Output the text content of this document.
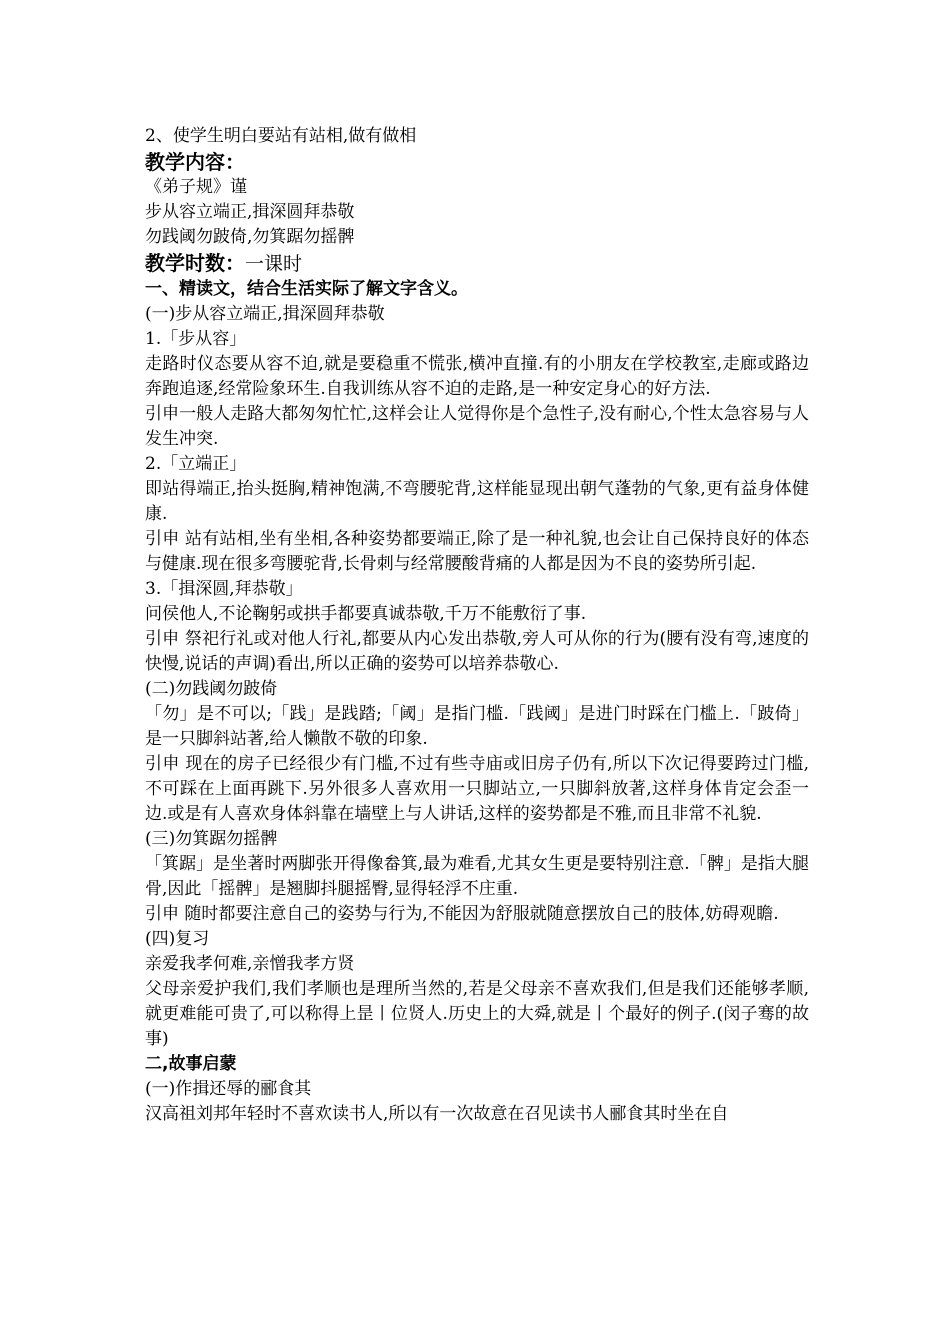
2、使学生明白要站有站相,做有做相

教学内容：

《弟子规》谨

步从容立端正,揖深圆拜恭敬

勿践阈勿跛倚,勿箕踞勿摇髀

教学时数：一课时

一、精读文，结合生活实际了解文字含义。

(一)步从容立端正,揖深圆拜恭敬

1.「步从容」

走路时仪态要从容不迫,就是要稳重不慌张,横冲直撞.有的小朋友在学校教室,走廊或路边奔跑追逐,经常险象环生.自我训练从容不迫的走路,是一种安定身心的好方法.

引申一般人走路大都匆匆忙忙,这样会让人觉得你是个急性子,没有耐心,个性太急容易与人发生冲突.

2.「立端正」

即站得端正,抬头挺胸,精神饱满,不弯腰驼背,这样能显现出朝气蓬勃的气象,更有益身体健康.

引申 站有站相,坐有坐相,各种姿势都要端正,除了是一种礼貌,也会让自己保持良好的体态与健康.现在很多弯腰驼背,长骨刺与经常腰酸背痛的人都是因为不良的姿势所引起.

3.「揖深圆,拜恭敬」

问侯他人,不论鞠躬或拱手都要真诚恭敬,千万不能敷衍了事.

引申 祭祀行礼或对他人行礼,都要从内心发出恭敬,旁人可从你的行为(腰有没有弯,速度的快慢,说话的声调)看出,所以正确的姿势可以培养恭敬心.

(二)勿践阈勿跛倚

「勿」是不可以;「践」是践踏;「阈」是指门槛.「践阈」是进门时踩在门槛上.「跛倚」是一只脚斜站著,给人懒散不敬的印象.

引申 现在的房子已经很少有门槛,不过有些寺庙或旧房子仍有,所以下次记得要跨过门槛,不可踩在上面再跳下.另外很多人喜欢用一只脚站立,一只脚斜放著,这样身体肯定会歪一边.或是有人喜欢身体斜靠在墙壁上与人讲话,这样的姿势都是不雅,而且非常不礼貌.

(三)勿箕踞勿摇髀

「箕踞」是坐著时两脚张开得像畚箕,最为难看,尤其女生更是要特别注意.「髀」是指大腿骨,因此「摇髀」是翘脚抖腿摇臀,显得轻浮不庄重.

引申 随时都要注意自己的姿势与行为,不能因为舒服就随意摆放自己的肢体,妨碍观瞻.

(四)复习

亲爱我孝何难,亲憎我孝方贤

父母亲爱护我们,我们孝顺也是理所当然的,若是父母亲不喜欢我们,但是我们还能够孝顺,就更难能可贵了,可以称得上昰丨位贤人.历史上的大舜,就是丨个最好的例子.(闵子骞的故事)

二,故事启蒙

(一)作揖还辱的郦食其

汉高祖刘邦年轻时不喜欢读书人,所以有一次故意在召见读书人郦食其时坐在自
